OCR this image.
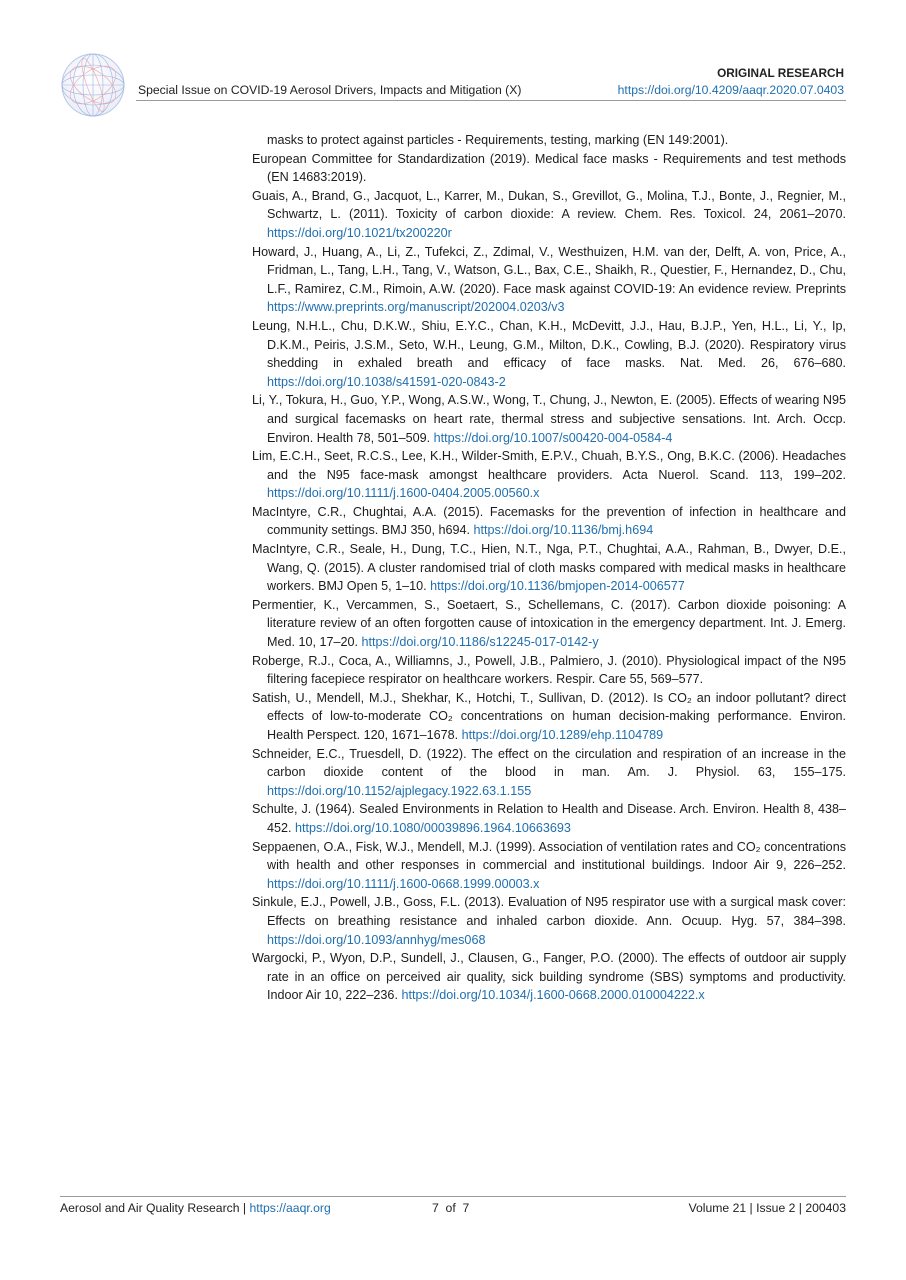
Special Issue on COVID-19 Aerosol Drivers, Impacts and Mitigation (X)
ORIGINAL RESEARCH
https://doi.org/10.4209/aaqr.2020.07.0403

masks to protect against particles - Requirements, testing, marking (EN 149:2001).

European Committee for Standardization (2019). Medical face masks - Requirements and test methods (EN 14683:2019).

Guais, A., Brand, G., Jacquot, L., Karrer, M., Dukan, S., Grevillot, G., Molina, T.J., Bonte, J., Regnier, M., Schwartz, L. (2011). Toxicity of carbon dioxide: A review. Chem. Res. Toxicol. 24, 2061–2070. https://doi.org/10.1021/tx200220r

Howard, J., Huang, A., Li, Z., Tufekci, Z., Zdimal, V., Westhuizen, H.M. van der, Delft, A. von, Price, A., Fridman, L., Tang, L.H., Tang, V., Watson, G.L., Bax, C.E., Shaikh, R., Questier, F., Hernandez, D., Chu, L.F., Ramirez, C.M., Rimoin, A.W. (2020). Face mask against COVID-19: An evidence review. Preprints https://www.preprints.org/manuscript/202004.0203/v3

Leung, N.H.L., Chu, D.K.W., Shiu, E.Y.C., Chan, K.H., McDevitt, J.J., Hau, B.J.P., Yen, H.L., Li, Y., Ip, D.K.M., Peiris, J.S.M., Seto, W.H., Leung, G.M., Milton, D.K., Cowling, B.J. (2020). Respiratory virus shedding in exhaled breath and efficacy of face masks. Nat. Med. 26, 676–680. https://doi.org/10.1038/s41591-020-0843-2

Li, Y., Tokura, H., Guo, Y.P., Wong, A.S.W., Wong, T., Chung, J., Newton, E. (2005). Effects of wearing N95 and surgical facemasks on heart rate, thermal stress and subjective sensations. Int. Arch. Occp. Environ. Health 78, 501–509. https://doi.org/10.1007/s00420-004-0584-4

Lim, E.C.H., Seet, R.C.S., Lee, K.H., Wilder-Smith, E.P.V., Chuah, B.Y.S., Ong, B.K.C. (2006). Headaches and the N95 face-mask amongst healthcare providers. Acta Nuerol. Scand. 113, 199–202. https://doi.org/10.1111/j.1600-0404.2005.00560.x

MacIntyre, C.R., Chughtai, A.A. (2015). Facemasks for the prevention of infection in healthcare and community settings. BMJ 350, h694. https://doi.org/10.1136/bmj.h694

MacIntyre, C.R., Seale, H., Dung, T.C., Hien, N.T., Nga, P.T., Chughtai, A.A., Rahman, B., Dwyer, D.E., Wang, Q. (2015). A cluster randomised trial of cloth masks compared with medical masks in healthcare workers. BMJ Open 5, 1–10. https://doi.org/10.1136/bmjopen-2014-006577

Permentier, K., Vercammen, S., Soetaert, S., Schellemans, C. (2017). Carbon dioxide poisoning: A literature review of an often forgotten cause of intoxication in the emergency department. Int. J. Emerg. Med. 10, 17–20. https://doi.org/10.1186/s12245-017-0142-y

Roberge, R.J., Coca, A., Williamns, J., Powell, J.B., Palmiero, J. (2010). Physiological impact of the N95 filtering facepiece respirator on healthcare workers. Respir. Care 55, 569–577.

Satish, U., Mendell, M.J., Shekhar, K., Hotchi, T., Sullivan, D. (2012). Is CO₂ an indoor pollutant? direct effects of low-to-moderate CO₂ concentrations on human decision-making performance. Environ. Health Perspect. 120, 1671–1678. https://doi.org/10.1289/ehp.1104789

Schneider, E.C., Truesdell, D. (1922). The effect on the circulation and respiration of an increase in the carbon dioxide content of the blood in man. Am. J. Physiol. 63, 155–175. https://doi.org/10.1152/ajplegacy.1922.63.1.155

Schulte, J. (1964). Sealed Environments in Relation to Health and Disease. Arch. Environ. Health 8, 438–452. https://doi.org/10.1080/00039896.1964.10663693

Seppaenen, O.A., Fisk, W.J., Mendell, M.J. (1999). Association of ventilation rates and CO₂ concentrations with health and other responses in commercial and institutional buildings. Indoor Air 9, 226–252. https://doi.org/10.1111/j.1600-0668.1999.00003.x

Sinkule, E.J., Powell, J.B., Goss, F.L. (2013). Evaluation of N95 respirator use with a surgical mask cover: Effects on breathing resistance and inhaled carbon dioxide. Ann. Ocuup. Hyg. 57, 384–398. https://doi.org/10.1093/annhyg/mes068

Wargocki, P., Wyon, D.P., Sundell, J., Clausen, G., Fanger, P.O. (2000). The effects of outdoor air supply rate in an office on perceived air quality, sick building syndrome (SBS) symptoms and productivity. Indoor Air 10, 222–236. https://doi.org/10.1034/j.1600-0668.2000.010004222.x

Aerosol and Air Quality Research | https://aaqr.org	7  of  7	Volume 21 | Issue 2 | 200403
